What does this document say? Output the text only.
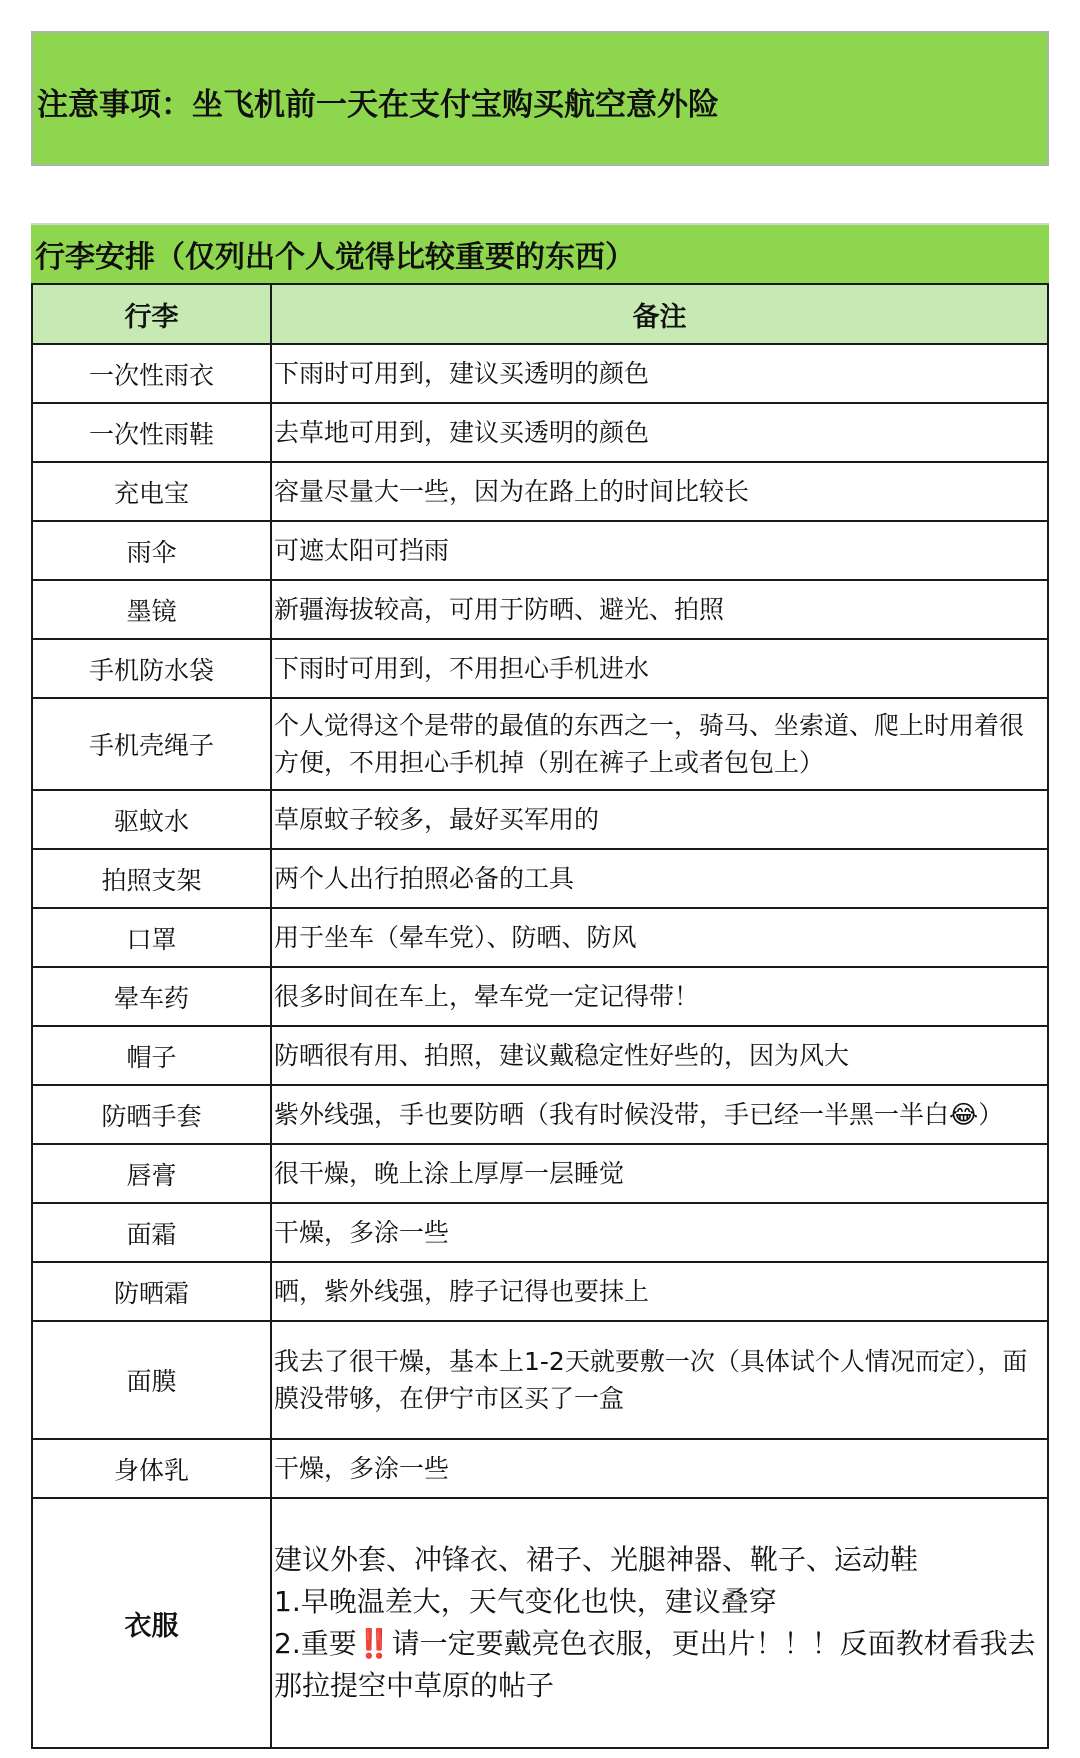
注意事项：坐飞机前一天在支付宝购买航空意外险
行李安排（仅列出个人觉得比较重要的东西）
行李	备注
一次性雨衣	下雨时可用到，建议买透明的颜色
一次性雨鞋	去草地可用到，建议买透明的颜色
充电宝	容量尽量大一些，因为在路上的时间比较长
雨伞	可遮太阳可挡雨
墨镜	新疆海拔较高，可用于防晒、避光、拍照
手机防水袋	下雨时可用到，不用担心手机进水
手机壳绳子	个人觉得这个是带的最值的东西之一，骑马、坐索道、爬上时用着很方便，不用担心手机掉（别在裤子上或者包包上）
驱蚊水	草原蚊子较多，最好买军用的
拍照支架	两个人出行拍照必备的工具
口罩	用于坐车（晕车党）、防晒、防风
晕车药	很多时间在车上，晕车党一定记得带！
帽子	防晒很有用、拍照，建议戴稳定性好些的，因为风大
防晒手套	紫外线强，手也要防晒（我有时候没带，手已经一半黑一半白😂）
唇膏	很干燥，晚上涂上厚厚一层睡觉
面霜	干燥，多涂一些
防晒霜	晒，紫外线强，脖子记得也要抹上
面膜	我去了很干燥，基本上1-2天就要敷一次（具体试个人情况而定），面膜没带够，在伊宁市区买了一盒
身体乳	干燥，多涂一些
衣服	建议外套、冲锋衣、裙子、光腿神器、靴子、运动鞋
1.早晚温差大，天气变化也快，建议叠穿
2.重要‼️请一定要戴亮色衣服，更出片！！！反面教材看我去那拉提空中草原的帖子
